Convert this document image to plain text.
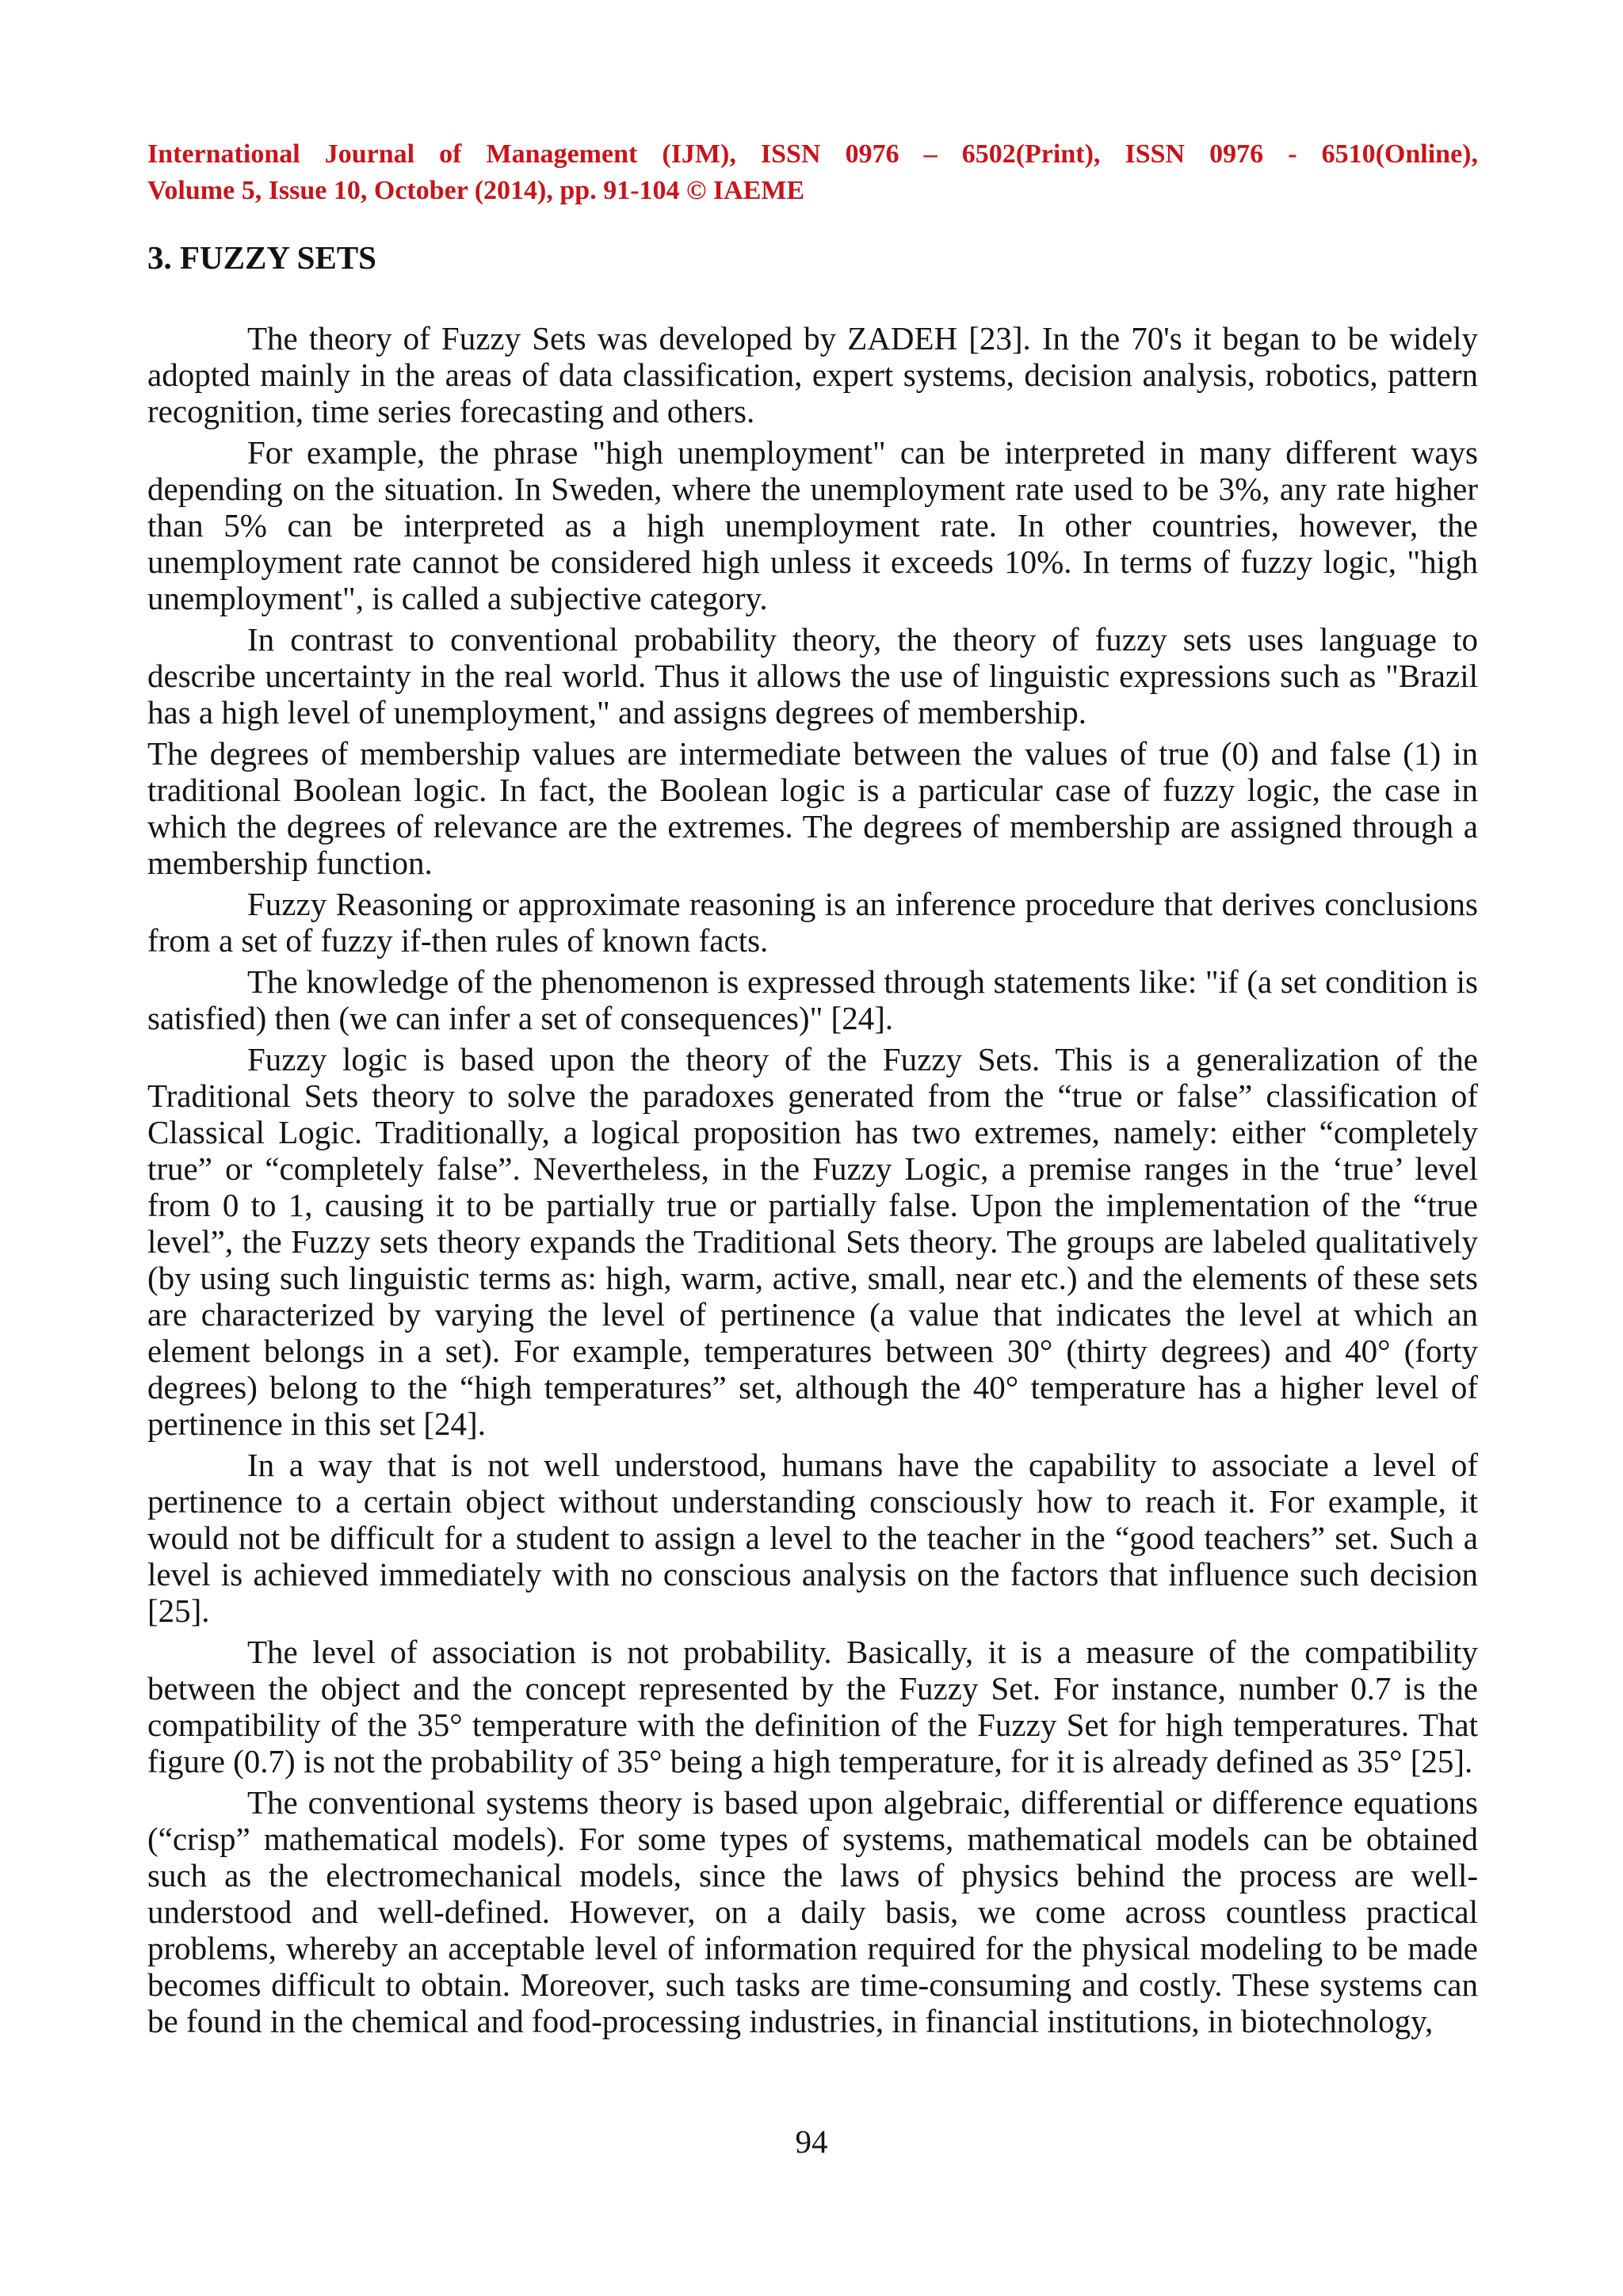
International Journal of Management (IJM), ISSN 0976 – 6502(Print), ISSN 0976 - 6510(Online),
Volume 5, Issue 10, October (2014), pp. 91-104 © IAEME
3. FUZZY SETS

The theory of Fuzzy Sets was developed by ZADEH [23]. In the 70's it began to be widely adopted mainly in the areas of data classification, expert systems, decision analysis, robotics, pattern recognition, time series forecasting and others.

For example, the phrase "high unemployment" can be interpreted in many different ways depending on the situation. In Sweden, where the unemployment rate used to be 3%, any rate higher than 5% can be interpreted as a high unemployment rate. In other countries, however, the unemployment rate cannot be considered high unless it exceeds 10%. In terms of fuzzy logic, "high unemployment", is called a subjective category.

In contrast to conventional probability theory, the theory of fuzzy sets uses language to describe uncertainty in the real world. Thus it allows the use of linguistic expressions such as "Brazil has a high level of unemployment," and assigns degrees of membership.

The degrees of membership values are intermediate between the values of true (0) and false (1) in traditional Boolean logic. In fact, the Boolean logic is a particular case of fuzzy logic, the case in which the degrees of relevance are the extremes. The degrees of membership are assigned through a membership function.

Fuzzy Reasoning or approximate reasoning is an inference procedure that derives conclusions from a set of fuzzy if-then rules of known facts.

The knowledge of the phenomenon is expressed through statements like: "if (a set condition is satisfied) then (we can infer a set of consequences)" [24].

Fuzzy logic is based upon the theory of the Fuzzy Sets. This is a generalization of the Traditional Sets theory to solve the paradoxes generated from the “true or false” classification of Classical Logic. Traditionally, a logical proposition has two extremes, namely: either “completely true” or “completely false”. Nevertheless, in the Fuzzy Logic, a premise ranges in the ‘true’ level from 0 to 1, causing it to be partially true or partially false. Upon the implementation of the “true level”, the Fuzzy sets theory expands the Traditional Sets theory. The groups are labeled qualitatively (by using such linguistic terms as: high, warm, active, small, near etc.) and the elements of these sets are characterized by varying the level of pertinence (a value that indicates the level at which an element belongs in a set). For example, temperatures between 30° (thirty degrees) and 40° (forty degrees) belong to the “high temperatures” set, although the 40° temperature has a higher level of pertinence in this set [24].

In a way that is not well understood, humans have the capability to associate a level of pertinence to a certain object without understanding consciously how to reach it. For example, it would not be difficult for a student to assign a level to the teacher in the “good teachers” set. Such a level is achieved immediately with no conscious analysis on the factors that influence such decision [25].

The level of association is not probability. Basically, it is a measure of the compatibility between the object and the concept represented by the Fuzzy Set. For instance, number 0.7 is the compatibility of the 35° temperature with the definition of the Fuzzy Set for high temperatures. That figure (0.7) is not the probability of 35° being a high temperature, for it is already defined as 35° [25].

The conventional systems theory is based upon algebraic, differential or difference equations (“crisp” mathematical models). For some types of systems, mathematical models can be obtained such as the electromechanical models, since the laws of physics behind the process are well-understood and well-defined. However, on a daily basis, we come across countless practical problems, whereby an acceptable level of information required for the physical modeling to be made becomes difficult to obtain. Moreover, such tasks are time-consuming and costly. These systems can be found in the chemical and food-processing industries, in financial institutions, in biotechnology,

94
